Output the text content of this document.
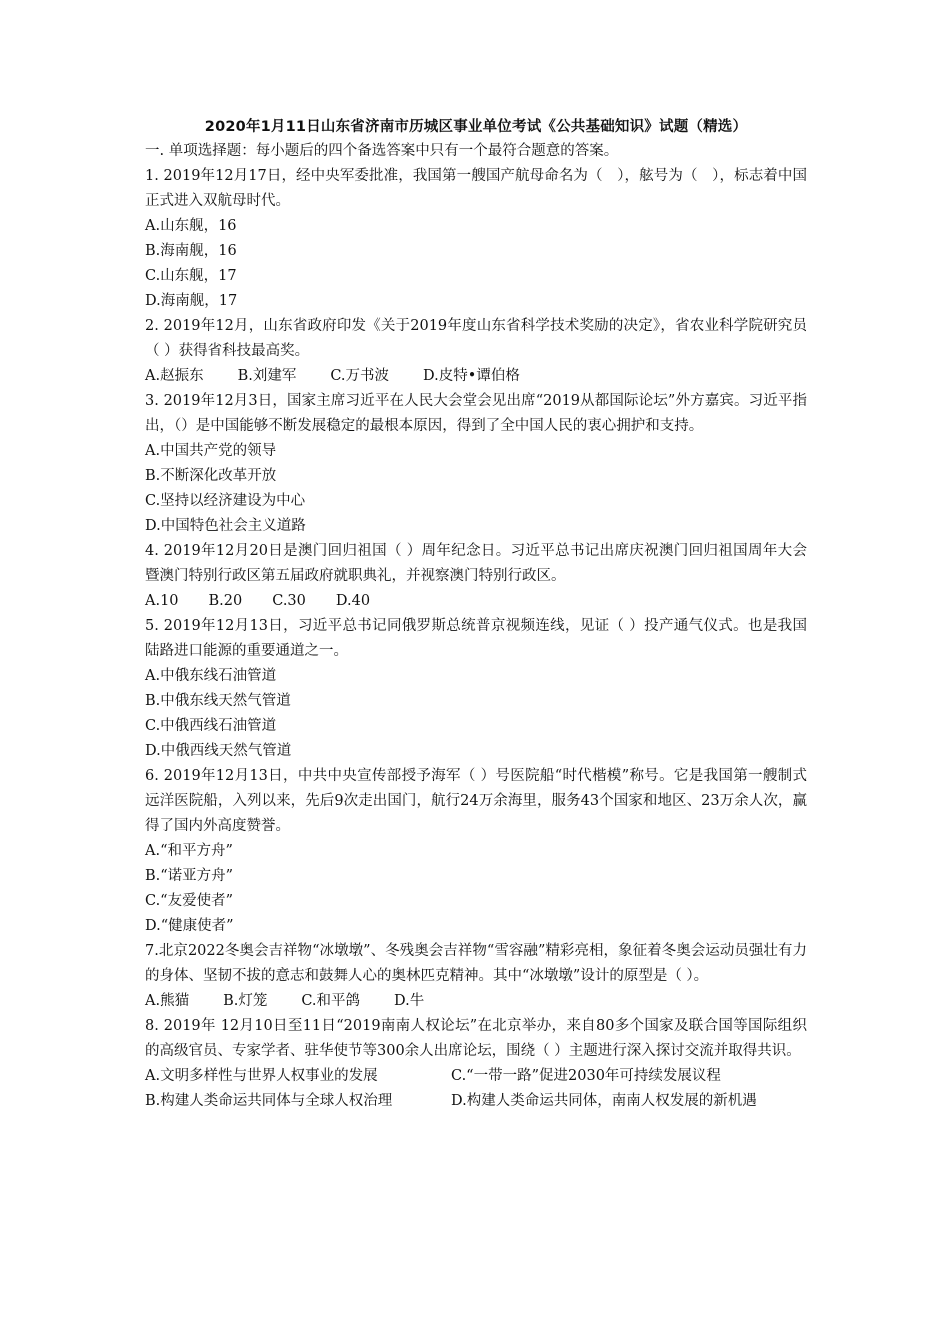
2020年1月11日山东省济南市历城区事业单位考试《公共基础知识》试题（精选）
一. 单项选择题：每小题后的四个备选答案中只有一个最符合题意的答案。
1. 2019年12月17日，经中央军委批准，我国第一艘国产航母命名为（　），舷号为（　），标志着中国正式进入双航母时代。
A.山东舰，16
B.海南舰，16
C.山东舰，17
D.海南舰，17
2. 2019年12月，山东省政府印发《关于2019年度山东省科学技术奖励的决定》，省农业科学院研究员（ ）获得省科技最高奖。
A.赵振东 B.刘建军 C.万书波 D.皮特•谭伯格
3. 2019年12月3日，国家主席习近平在人民大会堂会见出席“2019从都国际论坛”外方嘉宾。习近平指出，（）是中国能够不断发展稳定的最根本原因，得到了全中国人民的衷心拥护和支持。
A.中国共产党的领导
B.不断深化改革开放
C.坚持以经济建设为中心
D.中国特色社会主义道路
4. 2019年12月20日是澳门回归祖国（ ）周年纪念日。习近平总书记出席庆祝澳门回归祖国周年大会暨澳门特别行政区第五届政府就职典礼，并视察澳门特别行政区。
A.10 B.20 C.30 D.40
5. 2019年12月13日，习近平总书记同俄罗斯总统普京视频连线，见证（ ）投产通气仪式。也是我国陆路进口能源的重要通道之一。
A.中俄东线石油管道
B.中俄东线天然气管道
C.中俄西线石油管道
D.中俄西线天然气管道
6. 2019年12月13日，中共中央宣传部授予海军（ ）号医院船“时代楷模”称号。它是我国第一艘制式远洋医院船，入列以来，先后9次走出国门，航行24万余海里，服务43个国家和地区、23万余人次，赢得了国内外高度赞誉。
A.“和平方舟”
B.“诺亚方舟”
C.“友爱使者”
D.“健康使者”
7.北京2022冬奥会吉祥物“冰墩墩”、冬残奥会吉祥物“雪容融”精彩亮相，象征着冬奥会运动员强壮有力的身体、坚韧不拔的意志和鼓舞人心的奥林匹克精神。其中“冰墩墩”设计的原型是（ ）。
A.熊猫 B.灯笼 C.和平鸽 D.牛
8. 2019年 12月10日至11日“2019南南人权论坛”在北京举办，来自80多个国家及联合国等国际组织的高级官员、专家学者、驻华使节等300余人出席论坛，围绕（ ）主题进行深入探讨交流并取得共识。
A.文明多样性与世界人权事业的发展	C.“一带一路”促进2030年可持续发展议程
B.构建人类命运共同体与全球人权治理	D.构建人类命运共同体，南南人权发展的新机遇
